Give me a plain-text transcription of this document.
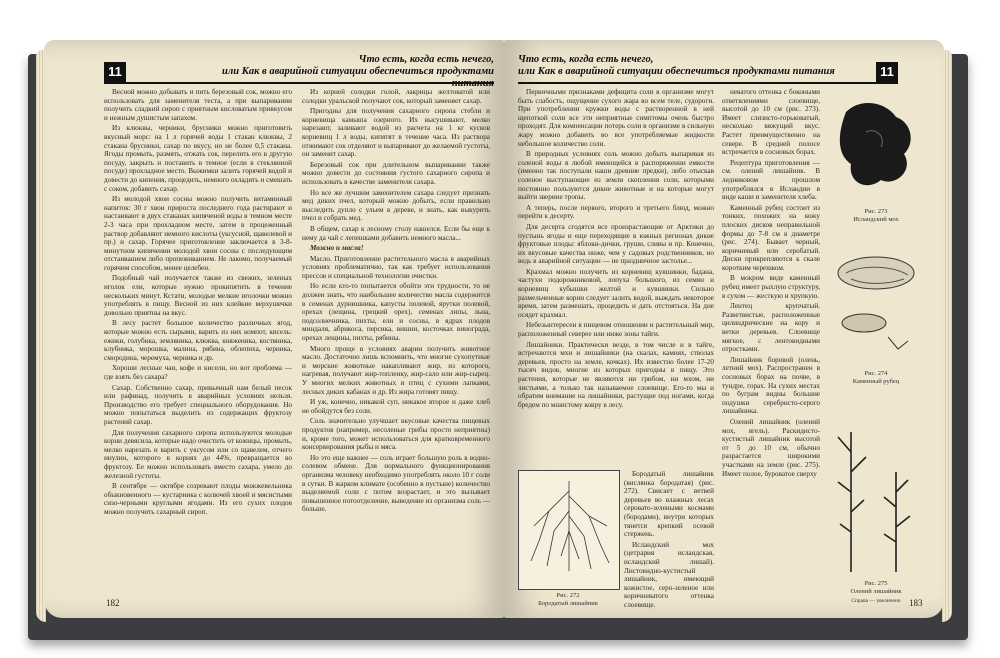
11
Что есть, когда есть нечего,
или Как в аварийной ситуации обеспечиться продуктами

Весной можно добывать и пить березовый сок, можно его использовать для заменителя теста, а при выпаривании получить сладкий сироп с приятным кисловатым привкусом и нежным душистым запахом.

Из клюквы, черники, брусники можно приготовить вкусный морс: на 1 л горячей воды 1 стакан клюквы, 2 стакана брусники, сахар по вкусу, но не более 0,5 стакана. Ягоды промыть, размять, отжать сок, перелить его в другую посуду, закрыть и поставить в темное (если в стеклянной посуде) прохладное место. Выжимки залить горячей водой и довести до кипения, процедить, немного охладить и смешать с соком, добавить сахар.

Из молодой хвои сосны можно получить витаминный напиток: 30 г хвои прироста последнего года растирают и настаивают в двух стаканах кипяченой воды в темном месте 2-3 часа при прохладном месте, затем в процеженный раствор добавляют немного кислоты (уксусной, щавелевой и пр.) и сахар. Горячее приготовление заключается в 3-8-минутном кипячении молодой хвои сосны с последующим отстаиванием либо пропеживанием. Не лакомо, получаемый горячим способом, менее целебен.

Подобный чай получается также из свежих, зеленых иголок ели, которые нужно прокипятить в течение нескольких минут. Кстати, молодые мелкие иголочки можно употреблять в пищу. Весной из них клейкие верхушечки довольно приятны на вкус.

В лесу растет большое количество различных ягод, которые можно есть сырыми, варить из них компот, кисель: ежики, голубика, земляника, клюква, княженика, костяника, клубника, морошка, малина, рябина, облепиха, черника, смородина, черемуха, черника и др.

Хороши лесные чаи, кофе и кисели, но вот проблема — где взять без сахара?

Сахар. Собственно сахар, привычный нам белый песок или рафинад, получить в аварийных условиях нельзя. Производство его требует специального оборудования. Но можно попытаться выделить из содержащих фруктозу растений сахар.

Для получения сахарного сиропа используются молодые корни девясила, которые надо очистить от кожицы, промыть, мелко нарезать и варить с уксусом или со щавелем, отчего инулин, которого в корнях до 44%, превращается во фруктозу. Ее можно использовать вместо сахара, умело до железной густоты.

В сентябре — октябре созревают плоды можжевельника обыкновенного — кустарника с колючей хвоей и мясистыми сизо-черными круглыми ягодами. Из его сухих плодов можно получить сахарный сироп.

Из корней солодки голой, лакрицы желтоватой или солодки уральской получают сок, который заменяет сахар.

Пригодны для получения сахарного сиропа стебли и корневища камыша озерного. Их высушивают, мелко нарезают, заливают водой из расчета на 1 кг кусков корневищ 1 л воды, кипятят в течение часа. Из раствора отжимают сок отделяют и выпаривают до желаемой густоты, он заменит сахар.

Березовый сок при длительном выпаривании также можно довести до состояния густого сахарного сиропа и использовать в качестве заменителя сахара.

Но все же лучшим заменителем сахара следует признать мед диких пчел, который можно добыть, если правильно выследить дупло с ульем в дереве, и знать, как выкурить пчел и собрать мед.

В общем, сахар к лесному столу нашелся. Если бы еще к нему да чай с лепешками добавить немного масла...

Можно и масла!

Масло. Приготовление растительного масла в аварийных условиях проблематично, так как требует использования прессов и специальной технологии очистки.

Но если кто-то попытается обойти эти трудности, то не должен знать, что наибольшее количество масла содержится в семенах дурнишника, капусты полевой, ярутки полевой, орехах (лещина, грецкий орех), семенах липы, льна, подсолнечника, пихты, ели и сосны, в ядрах плодов миндаля, абрикоса, персика, вишни, косточках винограда, орехах лещины, пихты, рябины.

Много проще в условиях аварии получить животное масло. Достаточно лишь вспомнить, что многие сухопутные и морские животные накапливают жир, из которого, нагревая, получают жир-топленку, жир-сало или жир-сырец. У многих мелких животных и птиц с сухими лапками, лесных диких кабанах и др. Из жира готовят пищу.

И уж, конечно, никакой суп, никакое второе и даже хлеб не обойдутся без соли.

Соль значительно улучшает вкусовые качества пищевых продуктов (например, несоленые грибы просто неприятны) и, кроме того, может использоваться для кратковременного консервирования рыбы и мяса.

Но это еще важнее — соль играет большую роль в водно-солевом обмене. Для нормального функционирования организма человеку необходимо употреблять около 10 г соли в сутки. В жарком климате (особенно в пустыне) количество выделяемой соли с потом возрастает, и это вызывает повышенное потоотделение, выведение из организма соль — больше.

182
Что есть, когда есть нечего,
или Как в аварийной ситуации обеспечиться продуктами питания	11

Первичными признаками дефицита соли в организме могут быть слабость, ощущение сухого жара во всем теле, судороги. При употреблении кружки воды с растворенной в ней щепоткой соли все эти неприятные симптомы очень быстро проходят. Для компенсации потерь соли в организме в сильную жару можно добавить во все употребляемые жидкости небольшое количество соли.

В природных условиях соль можно добыть выпаривая из соленой воды в любой имеющейся в распоряжении емкости (именно так поступали наши древние предки), либо отыскав соленое выступающие из земли скопления соли, которыми постоянно пользуются дикие животные и на которые могут выйти зверине тропы.

А теперь, после первого, второго и третьего блюд, можно перейти к десерту.

Для десерта сгодятся все произрастающие от Арктики до пустынь ягоды и еще переходящие в южных регионах дикие фруктовые плоды: яблоки-дички, груши, сливы и пр. Конечно, их вкусовые качества ниже, чем у садовых родственников, но ведь в аварийной ситуации — не праздничное застолье...

Крахмал можно получить из корневищ кувшинки, бадана, частухи подорожниковой, лопуха большого, из семян и корневищ кубышки желтой и кувшинки. Сильно размельченные корни следует залить водой, выждать некоторое время, затем размешать, процедить и дать отстояться. На дне осядет крахмал.

Небезынтересен в пищевом отношении и растительный мир, расположенный северее или ниже зоны тайги.

Лишайники. Практически везде, в том числе и в тайге, встречаются мхи и лишайники (на скалах, камнях, стволах деревьев, просто на земле, кочках). Их известно более 17-20 тысяч видов, многие из которых пригодны в пищу. Это растения, которые не являются ни грибом, ни мхом, ни листьями, а только так называемое слоевище. Его-то мы и обратим внимание на лишайники, растущие под ногами, когда бредем по мшистому ковру в лесу.

Рис. 272
Бородатый лишайник

Бородатый лишайник (вислянка бородатая) (рис. 272). Свисает с ветвей деревьев во влажных лесах серовато-зелеными космами (бородами), внутри которых тянется крепкий осевой стержень.

Исландский мох (цетрария исландская, исландский лишай). Листовидно-кустистый лишайник, имеющий кожистое, серо-зеленое или коричневатого оттенка слоевище.

неватого оттенка с бокоными ответвлениями слоевище, высотой до 10 см (рис. 273). Имеет слизисто-горьковатый, несколько вяжущий вкус. Растет преимущественно на севере. В средней полосе встречается в сосновых борах.

Рецептура приготовления — см. олений лишайник. В ледниковом прошлом употреблялся в Исландии в виде каши и заменителя хлеба.

Каменный рубец состоит из тонких, похожих на кожу плоских дисков неправильной формы до 7-8 см в диаметре (рис. 274). Бывает черный, коричневый или серобатый. Диски прикрепляются к скале коротким черешком.

В мокром виде каменный рубец имеет рыхлую структуру, в сухом — жесткую и хрупкую.

Лентец крупчатый. Разветвистые, расположенные цилиндрические на кору и ветки деревьев. Слоевище мягкое, с лентовидными отростками.

Лишайник боровой (олень, летний мох). Распространен в сосновых борах на почве, в тундре, горах. На сухих местах по буграм видны большие подушки серебристо-серого лишайника.

Олений лишайник (олений мох, ягель). Раскидисто-кустистый лишайник высотой от 5 до 10 см, обычно разрастается широкими участками на земле (рис. 275). Имеет полое, буроватое сверху

Рис. 273
Исландский мох
Рис. 274
Каменный рубец
Рис. 275
Олений лишайник
Справа — увеличено 183
